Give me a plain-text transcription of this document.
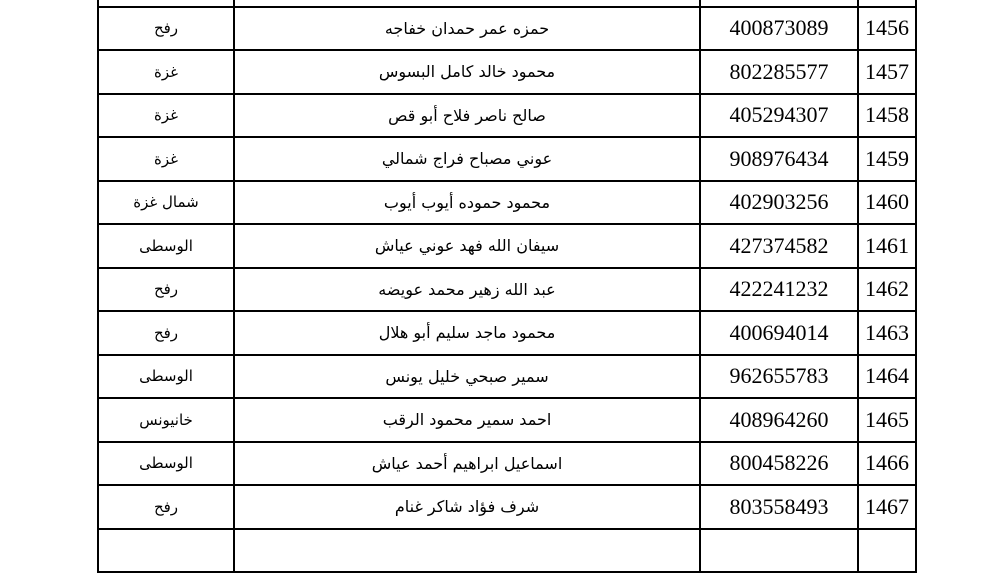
رفح	حمزه عمر حمدان خفاجه	400873089	1456
غزة	محمود خالد كامل البسوس	802285577	1457
غزة	صالح ناصر فلاح أبو قص	405294307	1458
غزة	عوني مصباح فراج شمالي	908976434	1459
شمال غزة	محمود حموده أيوب أيوب	402903256	1460
الوسطى	سيفان الله فهد عوني عياش	427374582	1461
رفح	عبد الله زهير محمد عويضه	422241232	1462
رفح	محمود ماجد سليم أبو هلال	400694014	1463
الوسطى	سمير صبحي خليل يونس	962655783	1464
خانيونس	احمد سمير محمود الرقب	408964260	1465
الوسطى	اسماعيل ابراهيم أحمد عياش	800458226	1466
رفح	شرف فؤاد شاكر غنام	803558493	1467
